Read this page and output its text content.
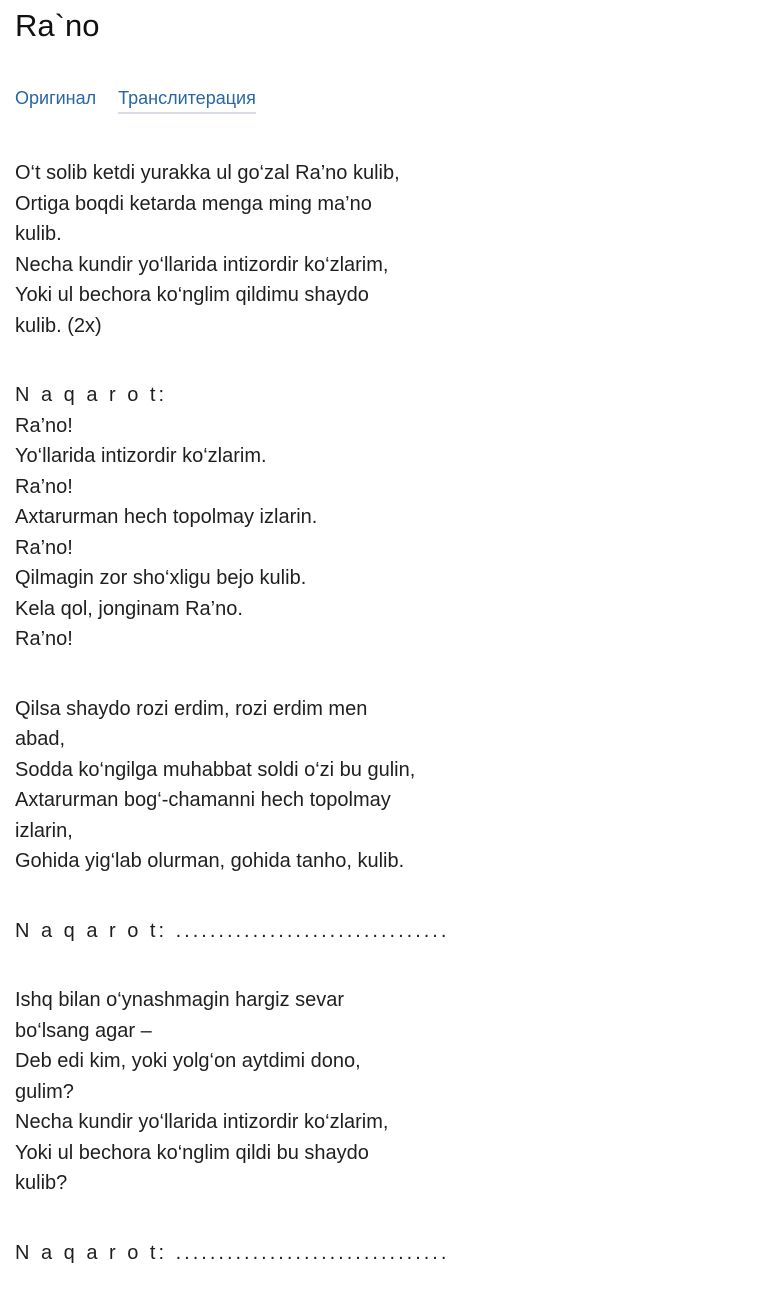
Ra`no
Оригинал Транслитерация
O‘t solib ketdi yurakka ul go‘zal Ra’no kulib,
Ortiga boqdi ketarda menga ming ma’no
kulib.
Necha kundir yo‘llarida intizordir ko‘zlarim,
Yoki ul bechora ko‘nglim qildimu shaydo
kulib. (2x)
N a q a r o t:
Ra’no!
Yo‘llarida intizordir ko‘zlarim.
Ra’no!
Axtarurman hech topolmay izlarin.
Ra’no!
Qilmagin zor sho‘xligu bejo kulib.
Kela qol, jonginam Ra’no.
Ra’no!
Qilsa shaydo rozi erdim, rozi erdim men
abad,
Sodda ko‘ngilga muhabbat soldi o‘zi bu gulin,
Axtarurman bog‘-chamanni hech topolmay
izlarin,
Gohida yig‘lab olurman, gohida tanho, kulib.
N a q a r o t: ................................
Ishq bilan o‘ynashmagin hargiz sevar
bo‘lsang agar –
Deb edi kim, yoki yolg‘on aytdimi dono,
gulim?
Necha kundir yo‘llarida intizordir ko‘zlarim,
Yoki ul bechora ko‘nglim qildi bu shaydo
kulib?
N a q a r o t: ................................
